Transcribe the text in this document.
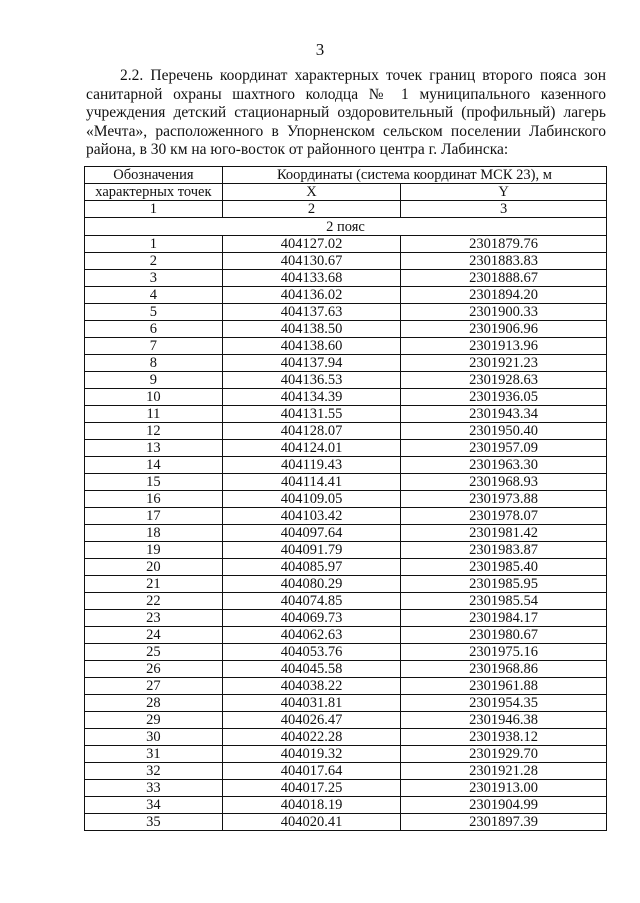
3

2.2. Перечень координат характерных точек границ второго пояса зон санитарной охраны шахтного колодца № 1 муниципального казенного учреждения детский стационарный оздоровительный (профильный) лагерь «Мечта», расположенного в Упорненском сельском поселении Лабинского района, в 30 км на юго-восток от районного центра г. Лабинска:

Обозначения	Координаты (система координат МСК 23), м	
характерных точек	X	Y
1	2	3
2 пояс		
1	404127.02	2301879.76
2	404130.67	2301883.83
3	404133.68	2301888.67
4	404136.02	2301894.20
5	404137.63	2301900.33
6	404138.50	2301906.96
7	404138.60	2301913.96
8	404137.94	2301921.23
9	404136.53	2301928.63
10	404134.39	2301936.05
11	404131.55	2301943.34
12	404128.07	2301950.40
13	404124.01	2301957.09
14	404119.43	2301963.30
15	404114.41	2301968.93
16	404109.05	2301973.88
17	404103.42	2301978.07
18	404097.64	2301981.42
19	404091.79	2301983.87
20	404085.97	2301985.40
21	404080.29	2301985.95
22	404074.85	2301985.54
23	404069.73	2301984.17
24	404062.63	2301980.67
25	404053.76	2301975.16
26	404045.58	2301968.86
27	404038.22	2301961.88
28	404031.81	2301954.35
29	404026.47	2301946.38
30	404022.28	2301938.12
31	404019.32	2301929.70
32	404017.64	2301921.28
33	404017.25	2301913.00
34	404018.19	2301904.99
35	404020.41	2301897.39
